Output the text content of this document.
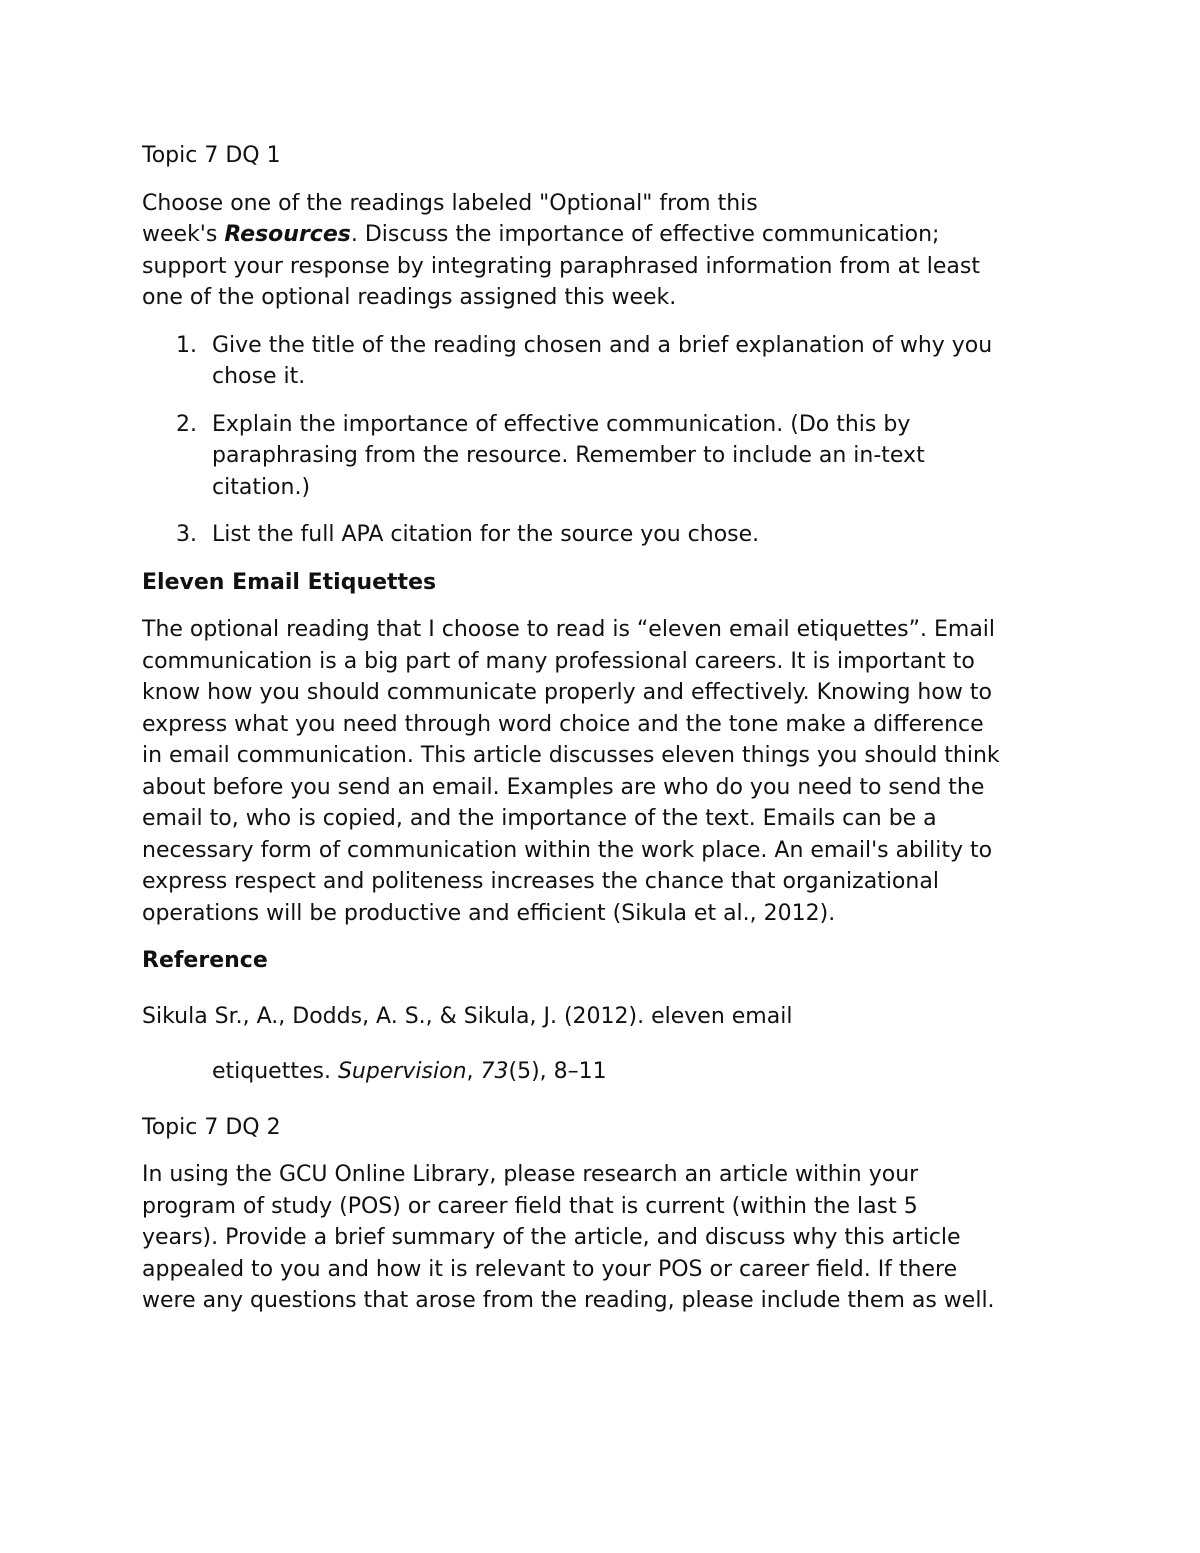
Topic 7 DQ 1

Choose one of the readings labeled "Optional" from this
week's Resources. Discuss the importance of effective communication;
support your response by integrating paraphrased information from at least
one of the optional readings assigned this week.
1. Give the title of the reading chosen and a brief explanation of why you
chose it.
2. Explain the importance of effective communication. (Do this by
paraphrasing from the resource. Remember to include an in-text
citation.)
3. List the full APA citation for the source you chose.

Eleven Email Etiquettes

The optional reading that I choose to read is “eleven email etiquettes”. Email
communication is a big part of many professional careers. It is important to
know how you should communicate properly and effectively. Knowing how to
express what you need through word choice and the tone make a difference
in email communication. This article discusses eleven things you should think
about before you send an email. Examples are who do you need to send the
email to, who is copied, and the importance of the text. Emails can be a
necessary form of communication within the work place. An email's ability to
express respect and politeness increases the chance that organizational
operations will be productive and efficient (Sikula et al., 2012).

Reference

Sikula Sr., A., Dodds, A. S., & Sikula, J. (2012). eleven email

etiquettes. Supervision, 73(5), 8–11

Topic 7 DQ 2

In using the GCU Online Library, please research an article within your
program of study (POS) or career field that is current (within the last 5
years). Provide a brief summary of the article, and discuss why this article
appealed to you and how it is relevant to your POS or career field. If there
were any questions that arose from the reading, please include them as well.
